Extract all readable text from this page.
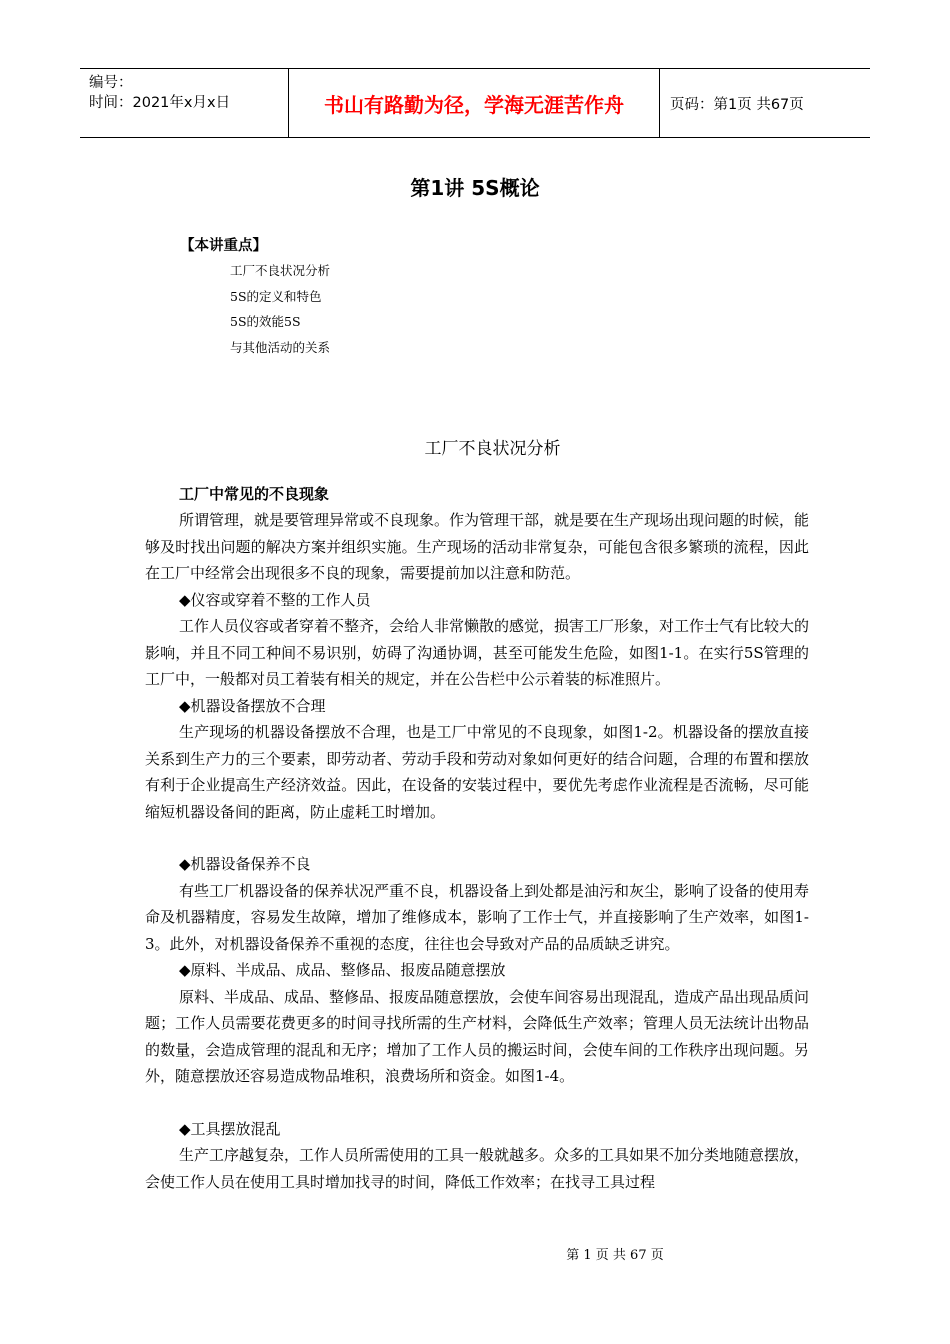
编号：
时间：2021年x月x日	书山有路勤为径，学海无涯苦作舟	页码：第1页 共67页
第1讲 5S概论
【本讲重点】
工厂不良状况分析
5S的定义和特色
5S的效能5S
与其他活动的关系
工厂不良状况分析
工厂中常见的不良现象

所谓管理，就是要管理异常或不良现象。作为管理干部，就是要在生产现场出现问题的时候，能够及时找出问题的解决方案并组织实施。生产现场的活动非常复杂，可能包含很多繁琐的流程，因此在工厂中经常会出现很多不良的现象，需要提前加以注意和防范。

◆仪容或穿着不整的工作人员

工作人员仪容或者穿着不整齐，会给人非常懒散的感觉，损害工厂形象，对工作士气有比较大的影响，并且不同工种间不易识别，妨碍了沟通协调，甚至可能发生危险，如图1-1。在实行5S管理的工厂中，一般都对员工着装有相关的规定，并在公告栏中公示着装的标准照片。

◆机器设备摆放不合理

生产现场的机器设备摆放不合理，也是工厂中常见的不良现象，如图1-2。机器设备的摆放直接关系到生产力的三个要素，即劳动者、劳动手段和劳动对象如何更好的结合问题，合理的布置和摆放有利于企业提高生产经济效益。因此，在设备的安装过程中，要优先考虑作业流程是否流畅，尽可能缩短机器设备间的距离，防止虚耗工时增加。

◆机器设备保养不良

有些工厂机器设备的保养状况严重不良，机器设备上到处都是油污和灰尘，影响了设备的使用寿命及机器精度，容易发生故障，增加了维修成本，影响了工作士气，并直接影响了生产效率，如图1-3。此外，对机器设备保养不重视的态度，往往也会导致对产品的品质缺乏讲究。

◆原料、半成品、成品、整修品、报废品随意摆放

原料、半成品、成品、整修品、报废品随意摆放，会使车间容易出现混乱，造成产品出现品质问题；工作人员需要花费更多的时间寻找所需的生产材料，会降低生产效率；管理人员无法统计出物品的数量，会造成管理的混乱和无序；增加了工作人员的搬运时间，会使车间的工作秩序出现问题。另外，随意摆放还容易造成物品堆积，浪费场所和资金。如图1-4。

◆工具摆放混乱

生产工序越复杂，工作人员所需使用的工具一般就越多。众多的工具如果不加分类地随意摆放，会使工作人员在使用工具时增加找寻的时间，降低工作效率；在找寻工具过程

第 1 页 共 67 页
